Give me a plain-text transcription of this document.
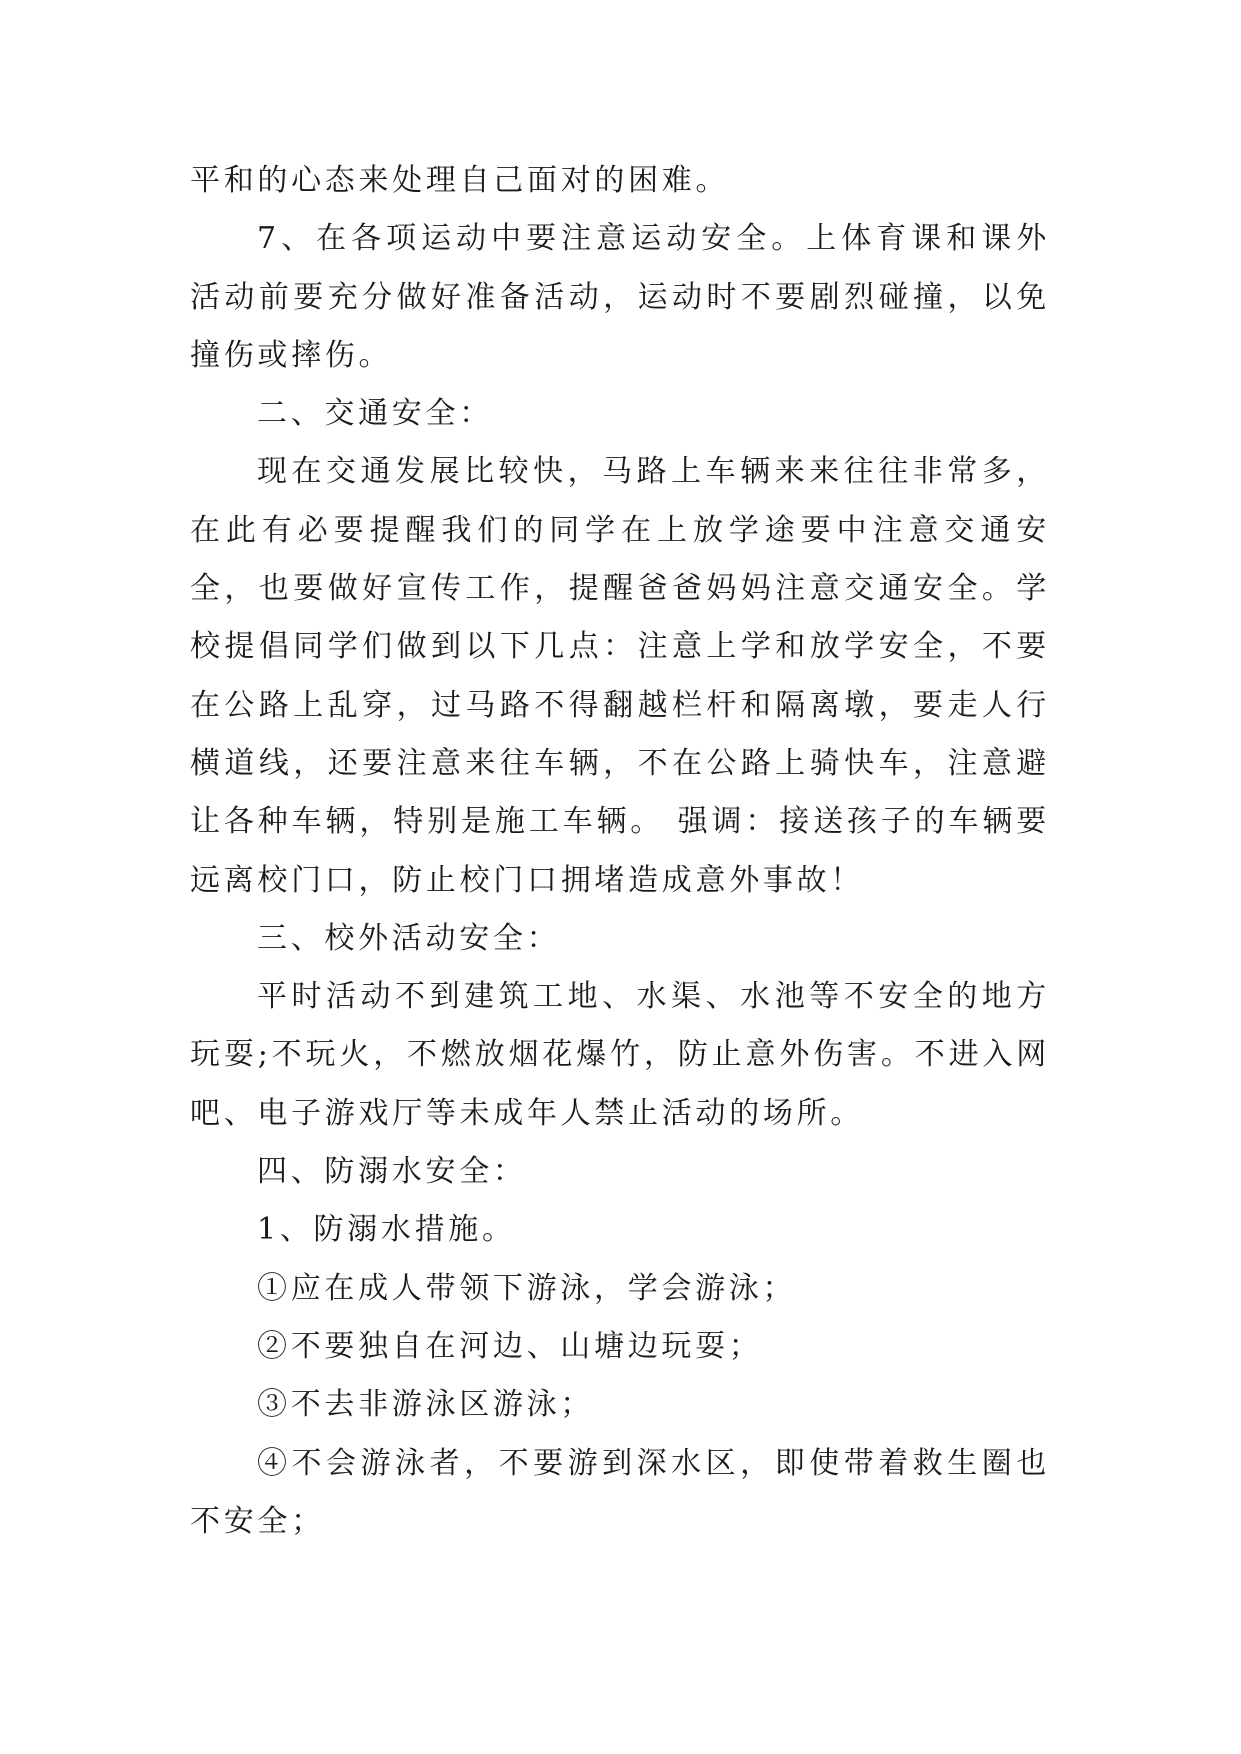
平和的心态来处理自己面对的困难。

7、在各项运动中要注意运动安全。上体育课和课外活动前要充分做好准备活动，运动时不要剧烈碰撞，以免撞伤或摔伤。

二、交通安全：

现在交通发展比较快，马路上车辆来来往往非常多，在此有必要提醒我们的同学在上放学途要中注意交通安全，也要做好宣传工作，提醒爸爸妈妈注意交通安全。学校提倡同学们做到以下几点：注意上学和放学安全，不要在公路上乱穿，过马路不得翻越栏杆和隔离墩，要走人行横道线，还要注意来往车辆，不在公路上骑快车，注意避让各种车辆，特别是施工车辆。 强调：接送孩子的车辆要远离校门口，防止校门口拥堵造成意外事故！

三、校外活动安全：

平时活动不到建筑工地、水渠、水池等不安全的地方玩耍;不玩火，不燃放烟花爆竹，防止意外伤害。不进入网吧、电子游戏厅等未成年人禁止活动的场所。

四、防溺水安全：

1、防溺水措施。

①应在成人带领下游泳，学会游泳；

②不要独自在河边、山塘边玩耍；

③不去非游泳区游泳；

④不会游泳者，不要游到深水区，即使带着救生圈也不安全；
